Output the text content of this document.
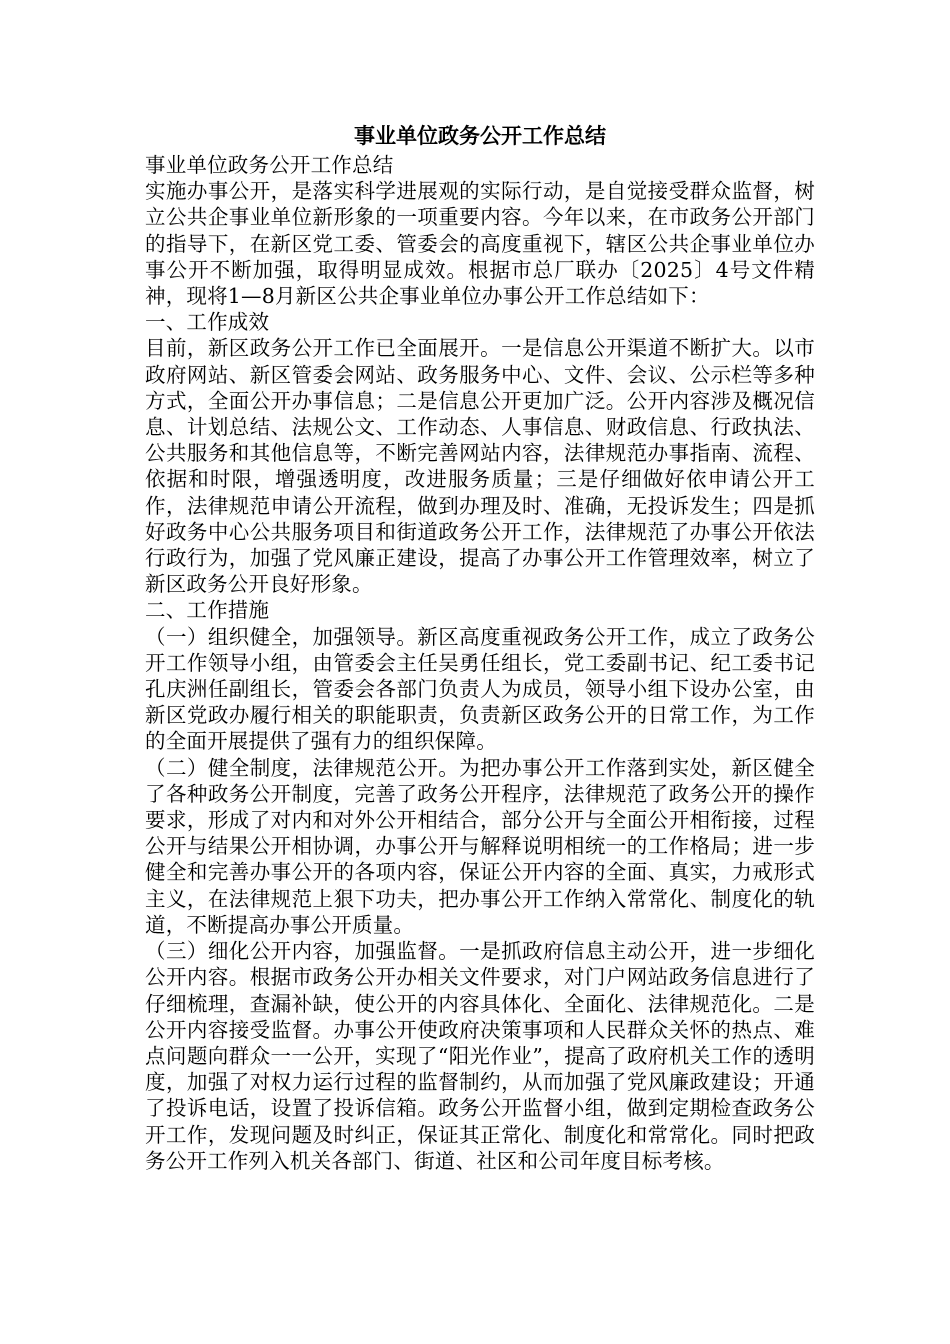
事业单位政务公开工作总结

事业单位政务公开工作总结

实施办事公开，是落实科学进展观的实际行动，是自觉接受群众监督，树立公共企事业单位新形象的一项重要内容。今年以来，在市政务公开部门的指导下，在新区党工委、管委会的高度重视下，辖区公共企事业单位办事公开不断加强，取得明显成效。根据市总厂联办〔2025〕4号文件精神，现将1—8月新区公共企事业单位办事公开工作总结如下：

一、工作成效

目前，新区政务公开工作已全面展开。一是信息公开渠道不断扩大。以市政府网站、新区管委会网站、政务服务中心、文件、会议、公示栏等多种方式，全面公开办事信息；二是信息公开更加广泛。公开内容涉及概况信息、计划总结、法规公文、工作动态、人事信息、财政信息、行政执法、公共服务和其他信息等，不断完善网站内容，法律规范办事指南、流程、依据和时限，增强透明度，改进服务质量；三是仔细做好依申请公开工作，法律规范申请公开流程，做到办理及时、准确，无投诉发生；四是抓好政务中心公共服务项目和街道政务公开工作，法律规范了办事公开依法行政行为，加强了党风廉正建设，提高了办事公开工作管理效率，树立了新区政务公开良好形象。

二、工作措施

（一）组织健全，加强领导。新区高度重视政务公开工作，成立了政务公开工作领导小组，由管委会主任吴勇任组长，党工委副书记、纪工委书记孔庆洲任副组长，管委会各部门负责人为成员，领导小组下设办公室，由新区党政办履行相关的职能职责，负责新区政务公开的日常工作，为工作的全面开展提供了强有力的组织保障。

（二）健全制度，法律规范公开。为把办事公开工作落到实处，新区健全了各种政务公开制度，完善了政务公开程序，法律规范了政务公开的操作要求，形成了对内和对外公开相结合，部分公开与全面公开相衔接，过程公开与结果公开相协调，办事公开与解释说明相统一的工作格局；进一步健全和完善办事公开的各项内容，保证公开内容的全面、真实，力戒形式主义，在法律规范上狠下功夫，把办事公开工作纳入常常化、制度化的轨道，不断提高办事公开质量。

（三）细化公开内容，加强监督。一是抓政府信息主动公开，进一步细化公开内容。根据市政务公开办相关文件要求，对门户网站政务信息进行了仔细梳理，查漏补缺，使公开的内容具体化、全面化、法律规范化。二是公开内容接受监督。办事公开使政府决策事项和人民群众关怀的热点、难点问题向群众一一公开，实现了“阳光作业”，提高了政府机关工作的透明度，加强了对权力运行过程的监督制约，从而加强了党风廉政建设；开通了投诉电话，设置了投诉信箱。政务公开监督小组，做到定期检查政务公开工作，发现问题及时纠正，保证其正常化、制度化和常常化。同时把政务公开工作列入机关各部门、街道、社区和公司年度目标考核。
